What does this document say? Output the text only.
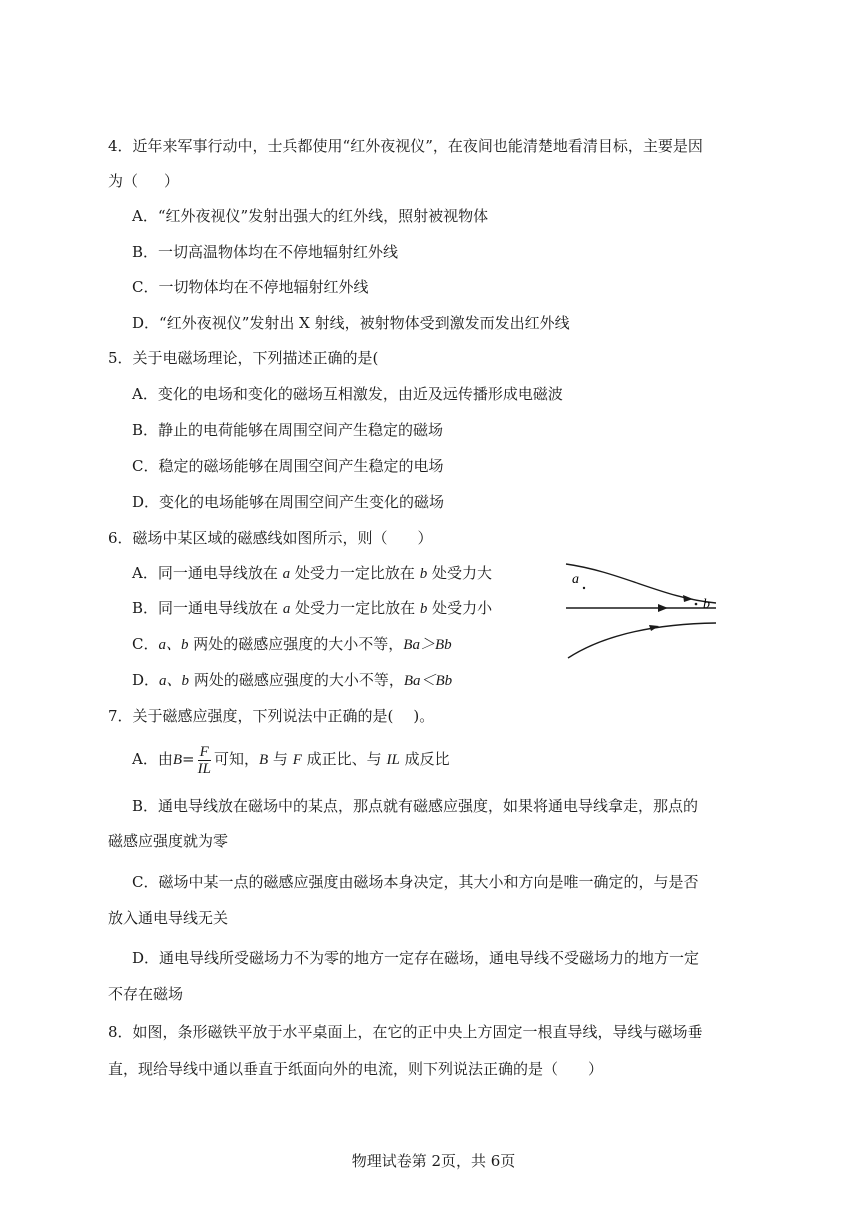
4．近年来军事行动中，士兵都使用“红外夜视仪”，在夜间也能清楚地看清目标，主要是因
为（ ）
A．“红外夜视仪”发射出强大的红外线，照射被视物体
B．一切高温物体均在不停地辐射红外线
C．一切物体均在不停地辐射红外线
D．“红外夜视仪”发射出 X 射线，被射物体受到激发而发出红外线
5．关于电磁场理论，下列描述正确的是(
A．变化的电场和变化的磁场互相激发，由近及远传播形成电磁波
B．静止的电荷能够在周围空间产生稳定的磁场
C．稳定的磁场能够在周围空间产生稳定的电场
D．变化的电场能够在周围空间产生变化的磁场
6．磁场中某区域的磁感线如图所示，则（ ）
A．同一通电导线放在 a 处受力一定比放在 b 处受力大
B．同一通电导线放在 a 处受力一定比放在 b 处受力小
C．a、b 两处的磁感应强度的大小不等，Ba＞Bb
D．a、b 两处的磁感应强度的大小不等，Ba＜Bb
a
b
7．关于磁感应强度，下列说法中正确的是( )。
A．由$B= \frac{F}{IL}$ 可知，B 与 F 成正比、与 IL 成反比
B．通电导线放在磁场中的某点，那点就有磁感应强度，如果将通电导线拿走，那点的
磁感应强度就为零
C．磁场中某一点的磁感应强度由磁场本身决定，其大小和方向是唯一确定的，与是否
放入通电导线无关
D．通电导线所受磁场力不为零的地方一定存在磁场，通电导线不受磁场力的地方一定
不存在磁场
8．如图，条形磁铁平放于水平桌面上，在它的正中央上方固定一根直导线，导线与磁场垂
直，现给导线中通以垂直于纸面向外的电流，则下列说法正确的是（ ）
物理试卷第 2页，共 6页
